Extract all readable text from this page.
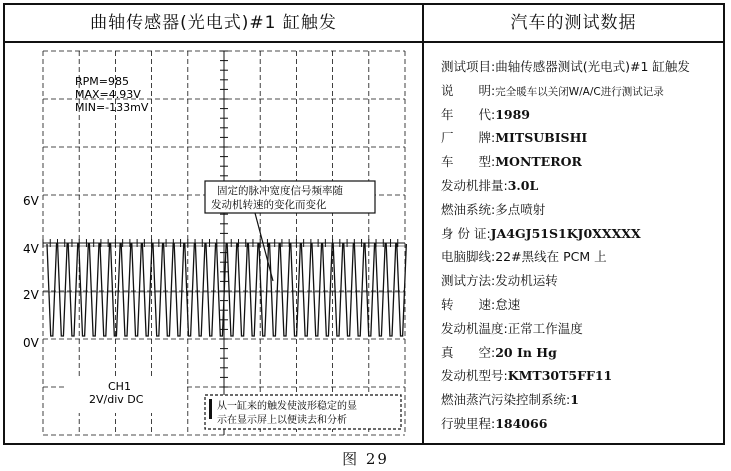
曲轴传感器(光电式)#1 缸触发	汽车的测试数据
RPM=985
MAX=4.93V
MIN=-133mV
6V
4V
2V
0V
固定的脉冲宽度信号频率随
发动机转速的变化而变化
CH1
2V/div DC
从一缸来的触发使波形稳定的显
示在显示屏上以便读去和分析
测试项目:曲轴传感器测试(光电式)#1 缸触发
说　　明:完全暖车以关闭W/A/C进行测试记录
年　　代:1989
厂　　牌:MITSUBISHI
车　　型:MONTEROR
发动机排量:3.0L
燃油系统:多点喷射
身 份 证:JA4GJ51S1KJ0XXXXX
电脑脚线:22#黑线在 PCM 上
测试方法:发动机运转
转　　速:怠速
发动机温度:正常工作温度
真　　空:20 In Hg
发动机型号:KMT30T5FF11
燃油蒸汽污染控制系统:1
行驶里程:184066
图 29
